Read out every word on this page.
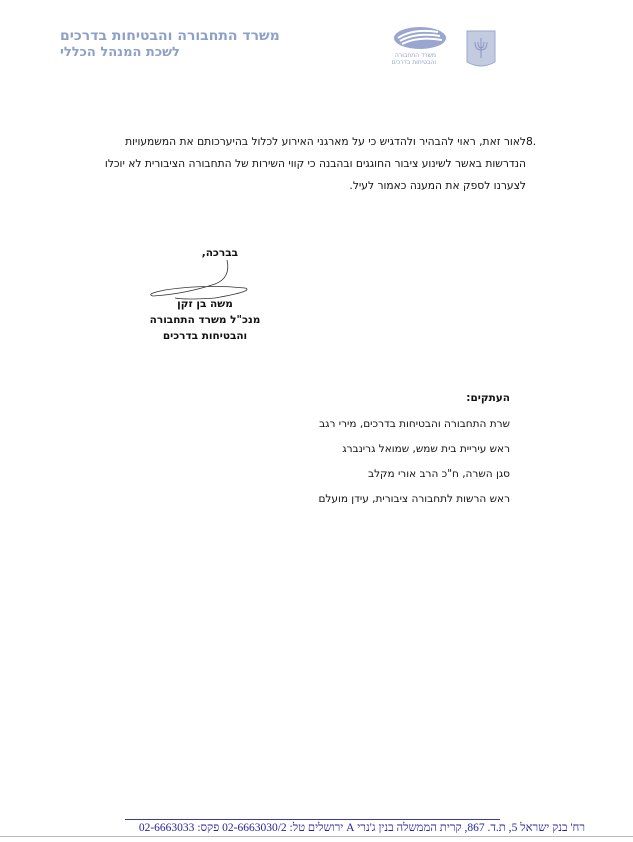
משרד התחבורה והבטיחות בדרכים
לשכת המנהל הכללי	משרד התחבורה והבטיחות בדרכים
8.
לאור זאת, ראוי להבהיר ולהדגיש כי על מארגני האירוע לכלול בהיערכותם את המשמעויות הנדרשות באשר לשינוע ציבור החוגגים ובהבנה כי קווי השירות של התחבורה הציבורית לא יוכלו לצערנו לספק את המענה כאמור לעיל.
בברכה,
משה בן זקן
מנכ"ל משרד התחבורה
והבטיחות בדרכים
העתקים:
שרת התחבורה והבטיחות בדרכים, מירי רגב
ראש עיריית בית שמש, שמואל גרינברג
סגן השרה, ח"כ הרב אורי מקלב
ראש הרשות לתחבורה ציבורית, עידן מועלם
רח' בנק ישראל 5, ת.ד. 867, קרית הממשלה בנין ג'נרי A ירושלים טל: 02-6663030/2 פקס: 02-6663033
